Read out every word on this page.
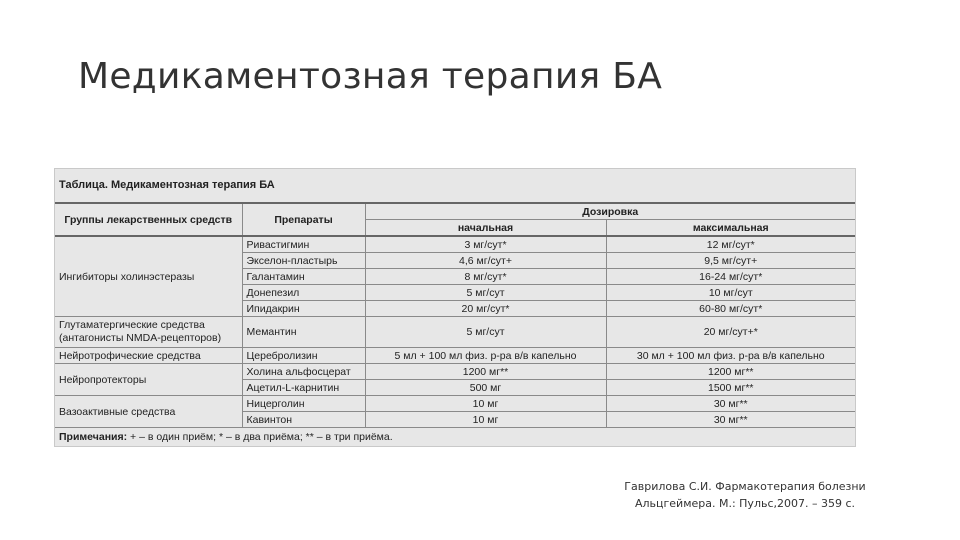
Медикаментозная терапия БА
Таблица. Медикаментозная терапия БА
Группы лекарственных средств	Препараты	Дозировка	
		начальная	максимальная
Ингибиторы холинэстеразы	Ривастигмин	3 мг/сут*	12 мг/сут*
	Экселон-пластырь	4,6 мг/сут+	9,5 мг/сут+
	Галантамин	8 мг/сут*	16-24 мг/сут*
	Донепезил	5 мг/сут	10 мг/сут
	Ипидакрин	20 мг/сут*	60-80 мг/сут*
Глутаматергические средства (антагонисты NMDA-рецепторов)	Мемантин	5 мг/сут	20 мг/сут+*
Нейротрофические средства	Церебролизин	5 мл + 100 мл физ. р-ра в/в капельно	30 мл + 100 мл физ. р-ра в/в капельно
Нейропротекторы	Холина альфосцерат	1200 мг**	1200 мг**
	Ацетил-L-карнитин	500 мг	1500 мг**
Вазоактивные средства	Ницерголин	10 мг	30 мг**
	Кавинтон	10 мг	30 мг**
Примечания: + – в один приём; * – в два приёма; ** – в три приёма.			
Гаврилова С.И. Фармакотерапия болезни
Альцгеймера. М.: Пульс,2007. – 359 с.
